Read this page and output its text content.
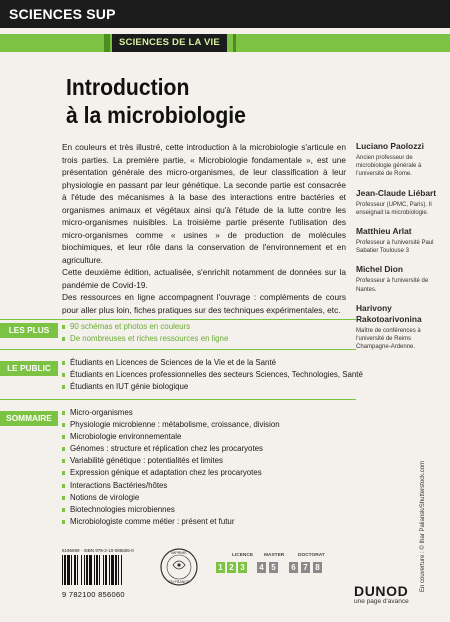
SCIENCES SUP
SCIENCES DE LA VIE
Introduction
à la microbiologie

En couleurs et très illustré, cette introduction à la microbiologie s'articule en trois parties. La première partie, « Microbiologie fondamentale », est une présentation générale des micro-organismes, de leur classification à leur physiologie en passant par leur génétique. La seconde partie est consacrée à l'étude des mécanismes à la base des interactions entre bactéries et organismes animaux et végétaux ainsi qu'à l'étude de la lutte contre les micro-organismes nuisibles. La troisième partie présente l'utilisation des micro-organismes comme « usines » de production de molécules biochimiques, et leur rôle dans la conservation de l'environnement et en agriculture.

Cette deuxième édition, actualisée, s'enrichit notamment de données sur la pandémie de Covid-19.

Des ressources en ligne accompagnent l'ouvrage : compléments de cours pour aller plus loin, fiches pratiques sur des techniques expérimentales, etc.

Luciano Paolozzi
Ancien professeur de microbiologie générale à l'université de Rome.
Jean-Claude Liébart
Professeur (UPMC, Paris). Il enseignait la microbiologie.
Matthieu Arlat
Professeur à l'université Paul Sabatier Toulouse 3
Michel Dion
Professeur à l'université de Nantes.
Harivony Rakotoarivonina
Maître de conférences à l'université de Reims Champagne-Ardenne.
LES PLUS	90 schémas et photos en couleurs
De nombreuses et riches ressources en ligne
LE PUBLIC
Étudiants en Licences de Sciences de la Vie et de la Santé
Étudiants en Licences professionnelles des secteurs Sciences, Technologies, Santé
Étudiants en IUT génie biologique
SOMMAIRE
Micro-organismes
Physiologie microbienne : métabolisme, croissance, division
Microbiologie environnementale
Génomes : structure et réplication chez les procaryotes
Variabilité génétique : potentialités et limites
Expression génique et adaptation chez les procaryotes
Interactions Bactéries/hôtes
Notions de virologie
Biotechnologies microbiennes
Microbiologiste comme métier : présent et futur	En couverture : © Ihar Paliansk/Shutterstock.com
6196699 · ISBN 978-2-10-085606-0
9 782100 856060
IMPRIMÉ
EN FRANCE
LICENCE MASTER	DOCTORAT
1 2 3 4 5 6 7 8
DUNOD
une page d'avance
